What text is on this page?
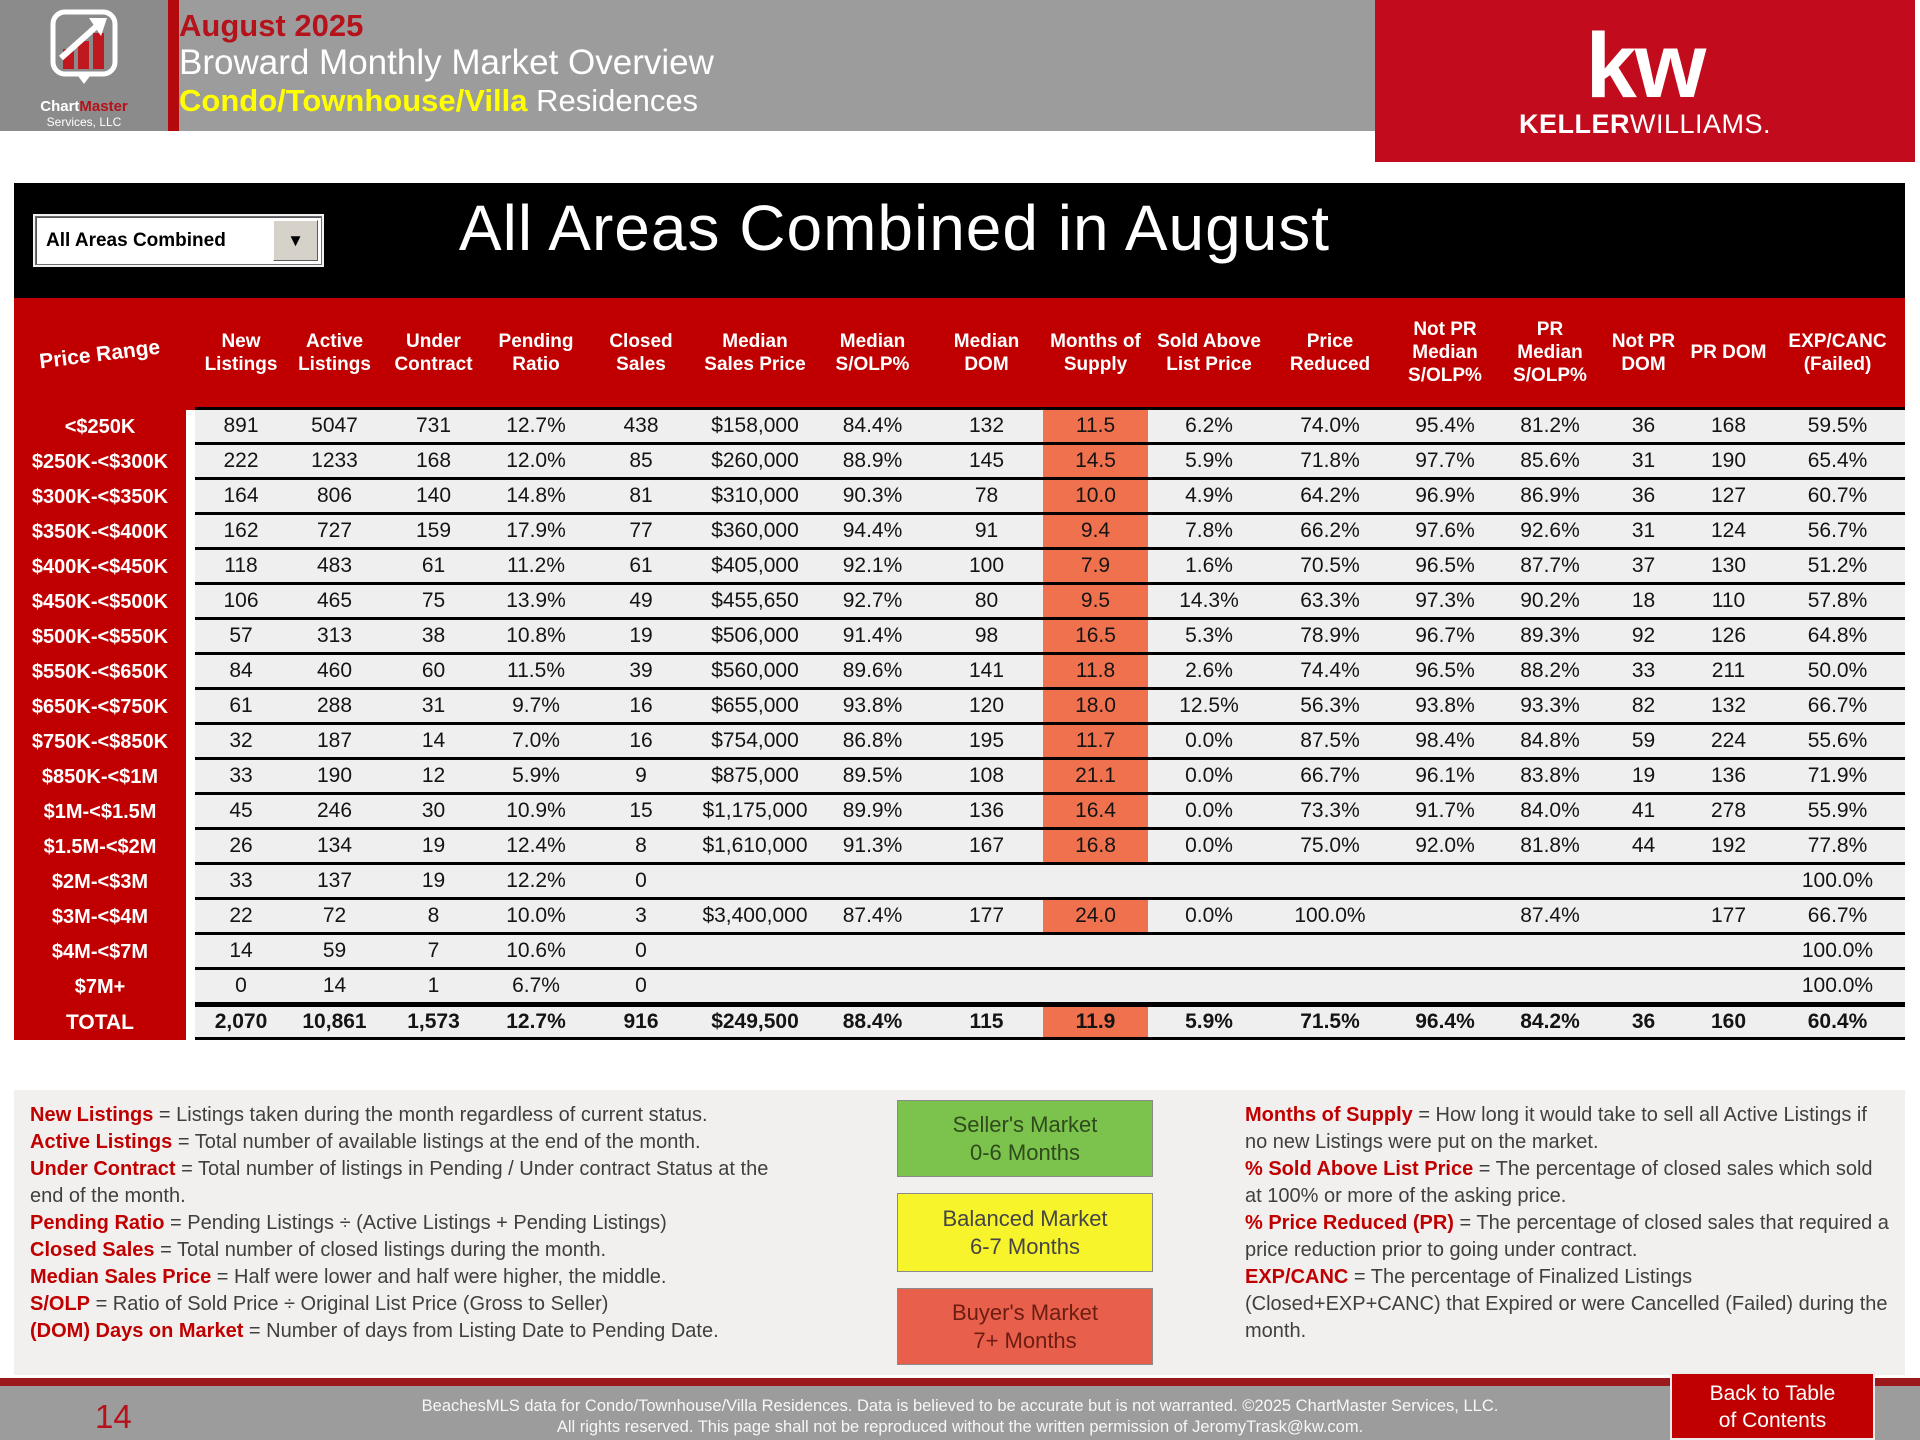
ChartMaster
Services, LLC
August 2025
Broward Monthly Market Overview
Condo/Townhouse/Villa Residences	kw
KELLERWILLIAMS.
All Areas Combined in August
All Areas Combined	▼
Price Range	New Listings	Active Listings	Under Contract	Pending Ratio	Closed Sales	Median Sales Price	Median S/OLP%	Median DOM	Months of Supply	Sold Above List Price	Price Reduced	Not PR Median S/OLP%	PR Median S/OLP%	Not PR DOM	PR DOM	EXP/CANC (Failed)
<$250K	891	5047	731	12.7%	438	$158,000	84.4%	132	11.5	6.2%	74.0%	95.4%	81.2%	36	168	59.5%
$250K-<$300K	222	1233	168	12.0%	85	$260,000	88.9%	145	14.5	5.9%	71.8%	97.7%	85.6%	31	190	65.4%
$300K-<$350K	164	806	140	14.8%	81	$310,000	90.3%	78	10.0	4.9%	64.2%	96.9%	86.9%	36	127	60.7%
$350K-<$400K	162	727	159	17.9%	77	$360,000	94.4%	91	9.4	7.8%	66.2%	97.6%	92.6%	31	124	56.7%
$400K-<$450K	118	483	61	11.2%	61	$405,000	92.1%	100	7.9	1.6%	70.5%	96.5%	87.7%	37	130	51.2%
$450K-<$500K	106	465	75	13.9%	49	$455,650	92.7%	80	9.5	14.3%	63.3%	97.3%	90.2%	18	110	57.8%
$500K-<$550K	57	313	38	10.8%	19	$506,000	91.4%	98	16.5	5.3%	78.9%	96.7%	89.3%	92	126	64.8%
$550K-<$650K	84	460	60	11.5%	39	$560,000	89.6%	141	11.8	2.6%	74.4%	96.5%	88.2%	33	211	50.0%
$650K-<$750K	61	288	31	9.7%	16	$655,000	93.8%	120	18.0	12.5%	56.3%	93.8%	93.3%	82	132	66.7%
$750K-<$850K	32	187	14	7.0%	16	$754,000	86.8%	195	11.7	0.0%	87.5%	98.4%	84.8%	59	224	55.6%
$850K-<$1M	33	190	12	5.9%	9	$875,000	89.5%	108	21.1	0.0%	66.7%	96.1%	83.8%	19	136	71.9%
$1M-<$1.5M	45	246	30	10.9%	15	$1,175,000	89.9%	136	16.4	0.0%	73.3%	91.7%	84.0%	41	278	55.9%
$1.5M-<$2M	26	134	19	12.4%	8	$1,610,000	91.3%	167	16.8	0.0%	75.0%	92.0%	81.8%	44	192	77.8%
$2M-<$3M	33	137	19	12.2%	0											100.0%
$3M-<$4M	22	72	8	10.0%	3	$3,400,000	87.4%	177	24.0	0.0%	100.0%		87.4%		177	66.7%
$4M-<$7M	14	59	7	10.6%	0											100.0%
$7M+	0	14	1	6.7%	0											100.0%
TOTAL	2,070	10,861	1,573	12.7%	916	$249,500	88.4%	115	11.9	5.9%	71.5%	96.4%	84.2%	36	160	60.4%
New Listings = Listings taken during the month regardless of current status.
Active Listings = Total number of available listings at the end of the month.
Under Contract = Total number of listings in Pending / Under contract Status at the end of the month.
Pending Ratio = Pending Listings ÷ (Active Listings + Pending Listings)
Closed Sales = Total number of closed listings during the month.
Median Sales Price = Half were lower and half were higher, the middle.
S/OLP = Ratio of Sold Price ÷ Original List Price (Gross to Seller)
(DOM) Days on Market = Number of days from Listing Date to Pending Date.
Seller's Market
0-6 Months
Balanced Market
6-7 Months
Buyer's Market
7+ Months
Months of Supply = How long it would take to sell all Active Listings if no new Listings were put on the market.
% Sold Above List Price = The percentage of closed sales which sold at 100% or more of the asking price.
% Price Reduced (PR) = The percentage of closed sales that required a price reduction prior to going under contract.
EXP/CANC = The percentage of Finalized Listings (Closed+EXP+CANC) that Expired or were Cancelled (Failed) during the month.
14	BeachesMLS data for Condo/Townhouse/Villa Residences. Data is believed to be accurate but is not warranted. ©2025 ChartMaster Services, LLC.
All rights reserved. This page shall not be reproduced without the written permission of JeromyTrask@kw.com.
Back to Table
of Contents
